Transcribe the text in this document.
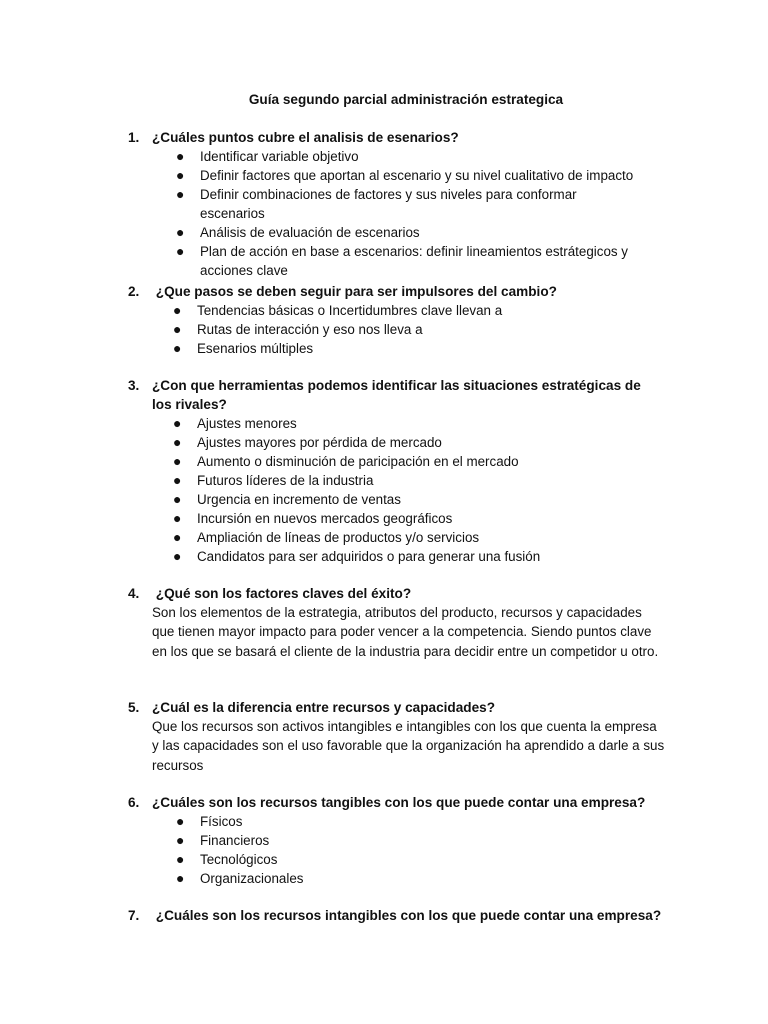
Guía segundo parcial administración estrategica
1. ¿Cuáles puntos cubre el analisis de esenarios?
●	Identificar variable objetivo
●	Definir factores que aportan al escenario y su nivel cualitativo de impacto
●	Definir combinaciones de factores y sus niveles para conformar escenarios
●	Análisis de evaluación de escenarios
●	Plan de acción en base a escenarios: definir lineamientos estrátegicos y acciones clave
2. ¿Que pasos se deben seguir para ser impulsores del cambio?
●	Tendencias básicas o Incertidumbres clave llevan a
●	Rutas de interacción y eso nos lleva a
●	Esenarios múltiples
3. ¿Con que herramientas podemos identificar las situaciones estratégicas de los rivales?
●	Ajustes menores
●	Ajustes mayores por pérdida de mercado
●	Aumento o disminución de paricipación en el mercado
●	Futuros líderes de la industria
●	Urgencia en incremento de ventas
●	Incursión en nuevos mercados geográficos
●	Ampliación de líneas de productos y/o servicios
●	Candidatos para ser adquiridos o para generar una fusión
4. ¿Qué son los factores claves del éxito?
Son los elementos de la estrategia, atributos del producto, recursos y capacidades que tienen mayor impacto para poder vencer a la competencia. Siendo puntos clave en los que se basará el cliente de la industria para decidir entre un competidor u otro.
5. ¿Cuál es la diferencia entre recursos y capacidades?
Que los recursos son activos intangibles e intangibles con los que cuenta la empresa y las capacidades son el uso favorable que la organización ha aprendido a darle a sus recursos
6. ¿Cuáles son los recursos tangibles con los que puede contar una empresa?
●	Físicos
●	Financieros
●	Tecnológicos
●	Organizacionales
7. ¿Cuáles son los recursos intangibles con los que puede contar una empresa?
